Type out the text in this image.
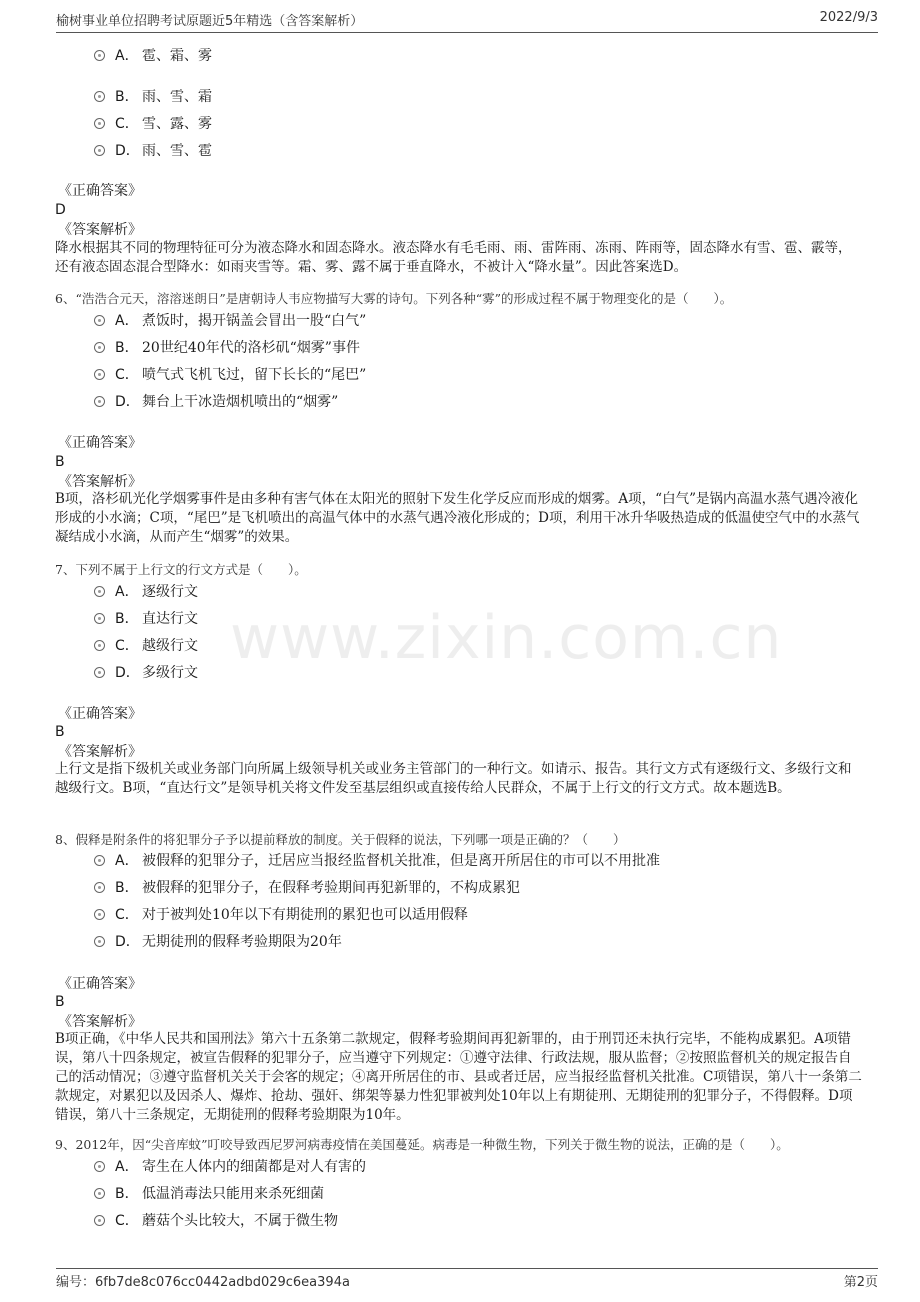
榆树事业单位招聘考试原题近5年精选（含答案解析）	2022/9/3
www.zixin.com.cn
A． 雹、霜、雾
B． 雨、雪、霜
C． 雪、露、雾
D． 雨、雪、雹
《正确答案》
D
《答案解析》
降水根据其不同的物理特征可分为液态降水和固态降水。液态降水有毛毛雨、雨、雷阵雨、冻雨、阵雨等，固态降水有雪、雹、霰等，还有液态固态混合型降水：如雨夹雪等。霜、雾、露不属于垂直降水，不被计入“降水量”。因此答案选D。
6、“浩浩合元天，溶溶迷朗日”是唐朝诗人韦应物描写大雾的诗句。下列各种“雾”的形成过程不属于物理变化的是（　　）。
A． 煮饭时，揭开锅盖会冒出一股“白气”
B． 20世纪40年代的洛杉矶“烟雾”事件
C． 喷气式飞机飞过，留下长长的“尾巴”
D． 舞台上干冰造烟机喷出的“烟雾”
《正确答案》
B
《答案解析》
B项，洛杉矶光化学烟雾事件是由多种有害气体在太阳光的照射下发生化学反应而形成的烟雾。A项，“白气”是锅内高温水蒸气遇冷液化形成的小水滴；C项，“尾巴”是飞机喷出的高温气体中的水蒸气遇冷液化形成的；D项，利用干冰升华吸热造成的低温使空气中的水蒸气凝结成小水滴，从而产生“烟雾”的效果。
7、下列不属于上行文的行文方式是（　　）。
A． 逐级行文
B． 直达行文
C． 越级行文
D． 多级行文
《正确答案》
B
《答案解析》
上行文是指下级机关或业务部门向所属上级领导机关或业务主管部门的一种行文。如请示、报告。其行文方式有逐级行文、多级行文和越级行文。B项，“直达行文”是领导机关将文件发至基层组织或直接传给人民群众，不属于上行文的行文方式。故本题选B。
8、假释是附条件的将犯罪分子予以提前释放的制度。关于假释的说法，下列哪一项是正确的？（　　）
A． 被假释的犯罪分子，迁居应当报经监督机关批准，但是离开所居住的市可以不用批准
B． 被假释的犯罪分子，在假释考验期间再犯新罪的，不构成累犯
C． 对于被判处10年以下有期徒刑的累犯也可以适用假释
D． 无期徒刑的假释考验期限为20年
《正确答案》
B
《答案解析》
B项正确，《中华人民共和国刑法》第六十五条第二款规定，假释考验期间再犯新罪的，由于刑罚还未执行完毕，不能构成累犯。A项错误，第八十四条规定，被宣告假释的犯罪分子，应当遵守下列规定：①遵守法律、行政法规，服从监督；②按照监督机关的规定报告自己的活动情况；③遵守监督机关关于会客的规定；④离开所居住的市、县或者迁居，应当报经监督机关批准。C项错误，第八十一条第二款规定，对累犯以及因杀人、爆炸、抢劫、强奸、绑架等暴力性犯罪被判处10年以上有期徒刑、无期徒刑的犯罪分子，不得假释。D项错误，第八十三条规定，无期徒刑的假释考验期限为10年。
9、2012年，因“尖音库蚊”叮咬导致西尼罗河病毒疫情在美国蔓延。病毒是一种微生物，下列关于微生物的说法，正确的是（　　）。
A． 寄生在人体内的细菌都是对人有害的
B． 低温消毒法只能用来杀死细菌
C． 蘑菇个头比较大，不属于微生物
编号：6fb7de8c076cc0442adbd029c6ea394a	第2页
